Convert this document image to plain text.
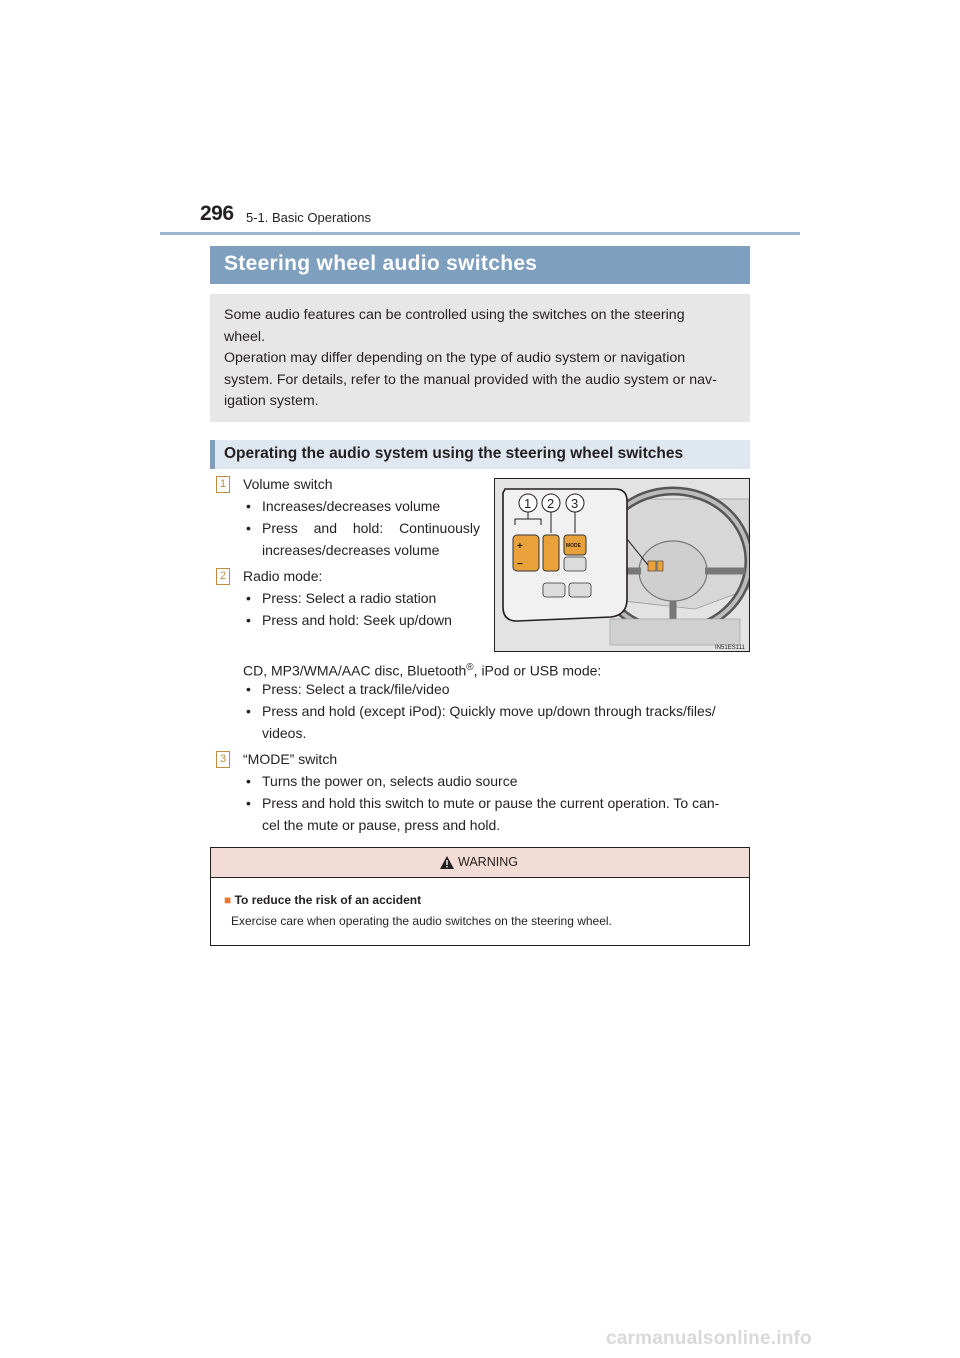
296 5-1. Basic Operations
Steering wheel audio switches

Some audio features can be controlled using the switches on the steering
wheel.
Operation may differ depending on the type of audio system or navigation
system. For details, refer to the manual provided with the audio system or nav-
igation system.

Operating the audio system using the steering wheel switches
1 Volume switch
• Increases/decreases volume
• Press and hold: Continuously
increases/decreases volume
2 Radio mode:
• Press: Select a radio station
• Press and hold: Seek up/down
CD, MP3/WMA/AAC disc, Bluetooth®, iPod or USB mode:
• Press: Select a track/file/video
• Press and hold (except iPod): Quickly move up/down through tracks/files/
videos.
3 “MODE” switch
• Turns the power on, selects audio source
• Press and hold this switch to mute or pause the current operation. To can-
cel the mute or pause, press and hold.
+
−
MODE
1 2 3
IN51ES111
WARNING
■ To reduce the risk of an accident
Exercise care when operating the audio switches on the steering wheel.
carmanualsonline.info
